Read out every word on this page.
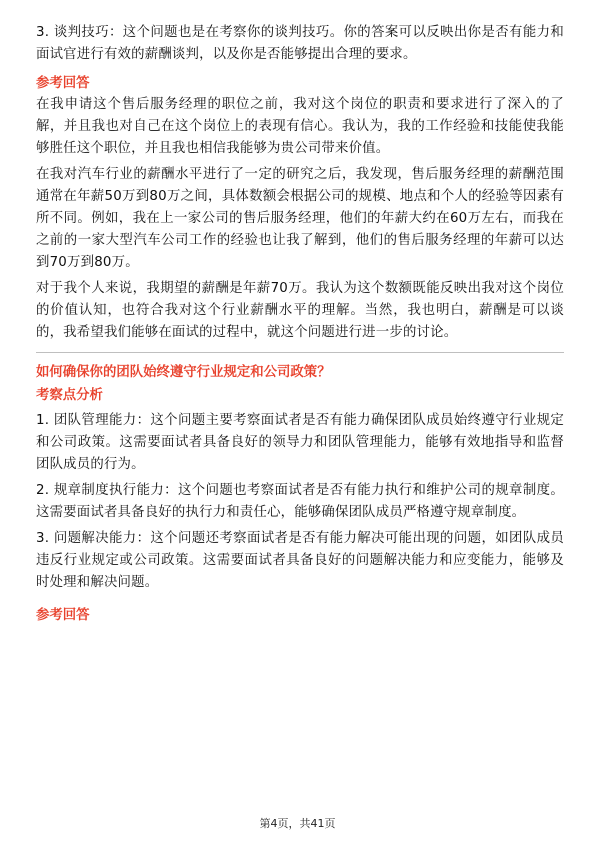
3. 谈判技巧：这个问题也是在考察你的谈判技巧。你的答案可以反映出你是否有能力和面试官进行有效的薪酬谈判，以及你是否能够提出合理的要求。

参考回答

在我申请这个售后服务经理的职位之前，我对这个岗位的职责和要求进行了深入的了解，并且我也对自己在这个岗位上的表现有信心。我认为，我的工作经验和技能使我能够胜任这个职位，并且我也相信我能够为贵公司带来价值。

在我对汽车行业的薪酬水平进行了一定的研究之后，我发现，售后服务经理的薪酬范围通常在年薪50万到80万之间，具体数额会根据公司的规模、地点和个人的经验等因素有所不同。例如，我在上一家公司的售后服务经理，他们的年薪大约在60万左右，而我在之前的一家大型汽车公司工作的经验也让我了解到，他们的售后服务经理的年薪可以达到70万到80万。

对于我个人来说，我期望的薪酬是年薪70万。我认为这个数额既能反映出我对这个岗位的价值认知，也符合我对这个行业薪酬水平的理解。当然，我也明白，薪酬是可以谈的，我希望我们能够在面试的过程中，就这个问题进行进一步的讨论。

如何确保你的团队始终遵守行业规定和公司政策？
考察点分析

1. 团队管理能力：这个问题主要考察面试者是否有能力确保团队成员始终遵守行业规定和公司政策。这需要面试者具备良好的领导力和团队管理能力，能够有效地指导和监督团队成员的行为。

2. 规章制度执行能力：这个问题也考察面试者是否有能力执行和维护公司的规章制度。这需要面试者具备良好的执行力和责任心，能够确保团队成员严格遵守规章制度。

3. 问题解决能力：这个问题还考察面试者是否有能力解决可能出现的问题，如团队成员违反行业规定或公司政策。这需要面试者具备良好的问题解决能力和应变能力，能够及时处理和解决问题。

参考回答
第4页，共41页
